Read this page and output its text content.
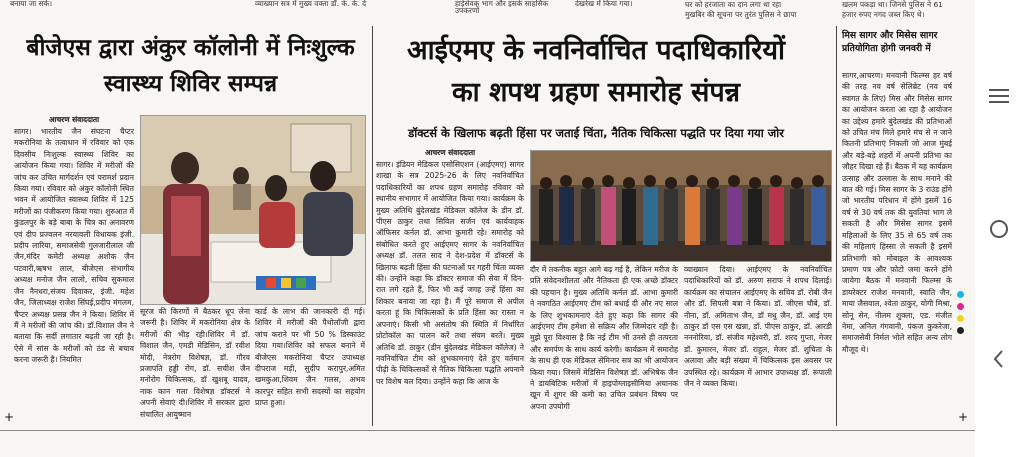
बनाया जा सके।	व्याख्यान सत्र में मुख्य वक्ता डॉ. के. के. दे	हाईसेवक भाग और इसके साहसिक उपकरणों
देखरेख में किया गया।	घर को हरजाता का दान लगा था रहा
मुखबिर की सूचना पर तुरंत पुलिस ने छापा
खलम पकड़ा था। जिनसे पुलिस ने 61
हजार रुपए नगद जब्त किए थे।
बीजेएस द्वारा अंकुर कॉलोनी में निःशुल्क स्वास्थ्य शिविर सम्पन्न
आचरण संवाददाता
सागर। भारतीय जैन संघटना चैप्टर मकरोनिया के तत्वाधान में रविवार को एक दिवसीय निःशुल्क स्वास्थ्य शिविर का आयोजन किया गया। शिविर में मरीजों की जांच कर उचित मार्गदर्शन एवं परामर्श प्रदान किया गया। रविवार को अंकुर कॉलोनी स्थित भवन में आयोजित स्वास्थ्य शिविर में 125 मरीजों का पंजीकरण किया गया। शुरुआत में कुंडलपुर के बड़े बाबा के चित्र का अनावरण एवं दीप प्रज्वलन नरयावली विधायक इंजी. प्रदीप लारिया, समाजसेवी गुलजारीलाल जी जैन,मंदिर कमेटी अध्यक्ष अशोक जैन पटवारी,ऋषभ लाल, बीजेएस संभागीय अध्यक्ष मनोज जैन लालो, सचिव सुकमाल जैन नैनधरा,संजय दिवाकर, इंजी. महेश जैन, जिलाध्यक्ष राजेश सिंघई,प्रदीप मंगलम, चैप्टर अध्यक्ष प्रसन्न जैन ने किया। शिविर में मैं ने मरीजों की जांच की। डॉ.विशाल जैन ने बताया कि सर्दी लगातार बढ़ती जा रही है। ऐसे में सांस के मरीजों को ठंड से बचाव करना जरूरी है। नियमित
सूरज की किरणों में बैठकर धूप लेना जरूरी है। शिविर में मकरोनिया क्षेत्र के मरीजों की भीड़ रही।शिविर में डॉ. विशाल जैन, एमडी मेडिसिन, डॉ रवीश मोदी, नेत्ररोग विशेषज्ञ, डॉ. गौरव प्रजापति हड्डी रोग, डॉ. सचीश जैन मनोरोग चिकित्सक, डॉ खुशबू यादव, नाक कान गला विशेषज्ञ डॉक्टर्स ने अपनी सेवाएं दी।शिविर में सरकार द्वारा संचालित आयुष्मान
कार्ड के लाभ की जानकारी दी गई। शिविर में मरीजों की पैथोलॉजी द्वारा जांच कराने पर भी 50 % डिस्काउंट दिया गया।शिविर को सफल बनाने में बीजेएस मकरोनिया चैप्टर उपाध्यक्ष दीपराज मड़ी, सुदीप करापुर,अमित खमकुआ,शिवम जैन गलस, अभय कारपुर सहित सभी सदस्यों का सहयोग प्राप्त हुआ।
आईएमए के नवनिर्वाचित पदाधिकारियों
का शपथ ग्रहण समारोह संपन्न
डॉक्टर्स के खिलाफ बढ़ती हिंसा पर जताई चिंता, नैतिक चिकित्सा पद्धति पर दिया गया जोर
आचरण संवाददाता
सागर। इंडियन मेडिकल एसोसिएशन (आईएमए) सागर शाखा के सत्र 2025-26 के लिए नवनिर्वाचित पदाधिकारियों का शपथ ग्रहण समारोह रविवार को स्थानीय सभागार में आयोजित किया गया। कार्यक्रम के मुख्य अतिथि बुंदेलखंड मेडिकल कॉलेज के डीन डॉ. पीएस ठाकुर तथा सिविल सर्जन एवं कार्यवाहक ऑफिसर कर्नल डॉ. आभा कुमारी रहे। समारोह को संबोधित करते हुए आईएमए सागर के नवनिर्वाचित अध्यक्ष डॉ. तलत साद ने देश-प्रदेश में डॉक्टर्स के खिलाफ बढ़ती हिंसा की घटनाओं पर गहरी चिंता व्यक्त की। उन्होंने कहा कि डॉक्टर समाज की सेवा में दिन-रात लगे रहते हैं, फिर भी कई जगह उन्हें हिंसा का शिकार बनाया जा रहा है। मैं पूरे समाज से अपील करता हूं कि चिकित्सकों के प्रति हिंसा का रास्ता न अपनाएं। किसी भी असंतोष की स्थिति में निर्धारित प्रोटोकॉल का पालन करें तथा संयम बरतें। मुख्य अतिथि डॉ. ठाकुर (डीन बुंदेलखंड मेडिकल कॉलेज) ने नवनिर्वाचित टीम को शुभकामनाएं देते हुए वर्तमान पीढ़ी के चिकित्सकों से नैतिक चिकित्सा पद्धति अपनाने पर विशेष बल दिया। उन्होंने कहा कि आज के
दौर में तकनीक बहुत आगे बढ़ गई है, लेकिन मरीज के प्रति संवेदनशीलता और नैतिकता ही एक अच्छे डॉक्टर की पहचान है। मुख्य अतिथि कर्नल डॉ. आभा कुमारी ने नवगठित आईएमए टीम को बधाई दी और नए साल के लिए शुभकामनाएं देते हुए कहा कि सागर की आईएमए टीम हमेशा से सक्रिय और जिम्मेदार रही है। मुझे पूरा विश्वास है कि नई टीम भी उनसे ही तत्परता और समर्पण के साथ कार्य करेगी। कार्यक्रम में समारोह के साथ ही एक मेडिकल सेमिनार सत्र का भी आयोजन किया गया। जिसमें मेडिसिन विशेषज्ञ डॉ. अभिषेक जैन ने डायबिटिक मरीजों में हाइपोग्लाइसीमिया अचानक खून में शुगर की कमी का उचित प्रबंधन विषय पर अपना उपयोगी
व्याख्यान दिया। आईएमए के नवनिर्वाचित पदाधिकारियों को डॉ. अरुण सराफ ने शपथ दिलाई। कार्यक्रम का संचालन आईएमए के सचिव डॉ. रोबी जैन और डॉ. सिपली बत्रा ने किया। डॉ. जीएस चौबे, डॉ. नीना, डॉ. अमिताभ जैन, डॉ मधु जैन, डॉ. आई एम ठाकुर डॉ एस एस खन्ना, डॉ. पीएस ठाकुर, डॉ. आरडी नननोरिया, डॉ. संजीव महेश्वरी, डॉ. शरद गुप्ता, मेजर डॉ. कुमारन, मेजर डॉ. राहुल, मेजर डॉ. शुचिता के अलावा और बड़ी संख्या में चिकित्सक इस अवसर पर उपस्थित रहे। कार्यक्रम में आभार उपाध्यक्ष डॉ. रूपाली जैन ने व्यक्त किया।
मिस सागर और मिसेस सागर प्रतियोगिता होगी जनवरी में
सागर,आचरण। मनवानी फिल्म्स हर वर्ष की तरह नव वर्ष सेलिब्रेट (नव वर्ष स्वागत के लिए) मिस और मिसेस सागर का आयोजन करता आ रहा है आयोजन का उद्देश्य हमारे बुंदेलखंड की प्रतिभाओं को उचित मंच मिले हमारे मंच से न जाने कितनी प्रतिभाएं निकली जो आज मुंबई और बड़े-बड़े शहरों में अपनी प्रतिभा का जौहर दिखा रहे हैं। बैठक में यह कार्यक्रम उत्साह और उल्लास के साथ मनाने की बात की गई। मिस सागर के 3 राउंड होंगे जो भारतीय परिधान में होंगे इसमें 16 वर्ष से 30 वर्ष तक की युवतियां भाग ले सकती है और मिसेस सागर इसमें महिलाओं के लिए 35 से 65 वर्ष तक की महिलाएं हिस्सा ले सकती है इसमें प्रतिभागी को मोबाइल के आवश्यक प्रमाण पत्र और फ़ोटो जमा करने होंगे जायेगा बैठक में मनवानी फिल्म्स के डायरेक्टर राजेश मनवानी, स्वाति जैन, माया जैसवाल, श्वेता ठाकुर, योगी मिश्रा, सोनू सेन, नीलम शुक्ला, एड. मंजीत नेमा, अनिल गंगवानी, पंकज कुकरेजा, समाजसेवी निर्मल भोले सहित अन्य लोग मौजूद थे।
+	+
